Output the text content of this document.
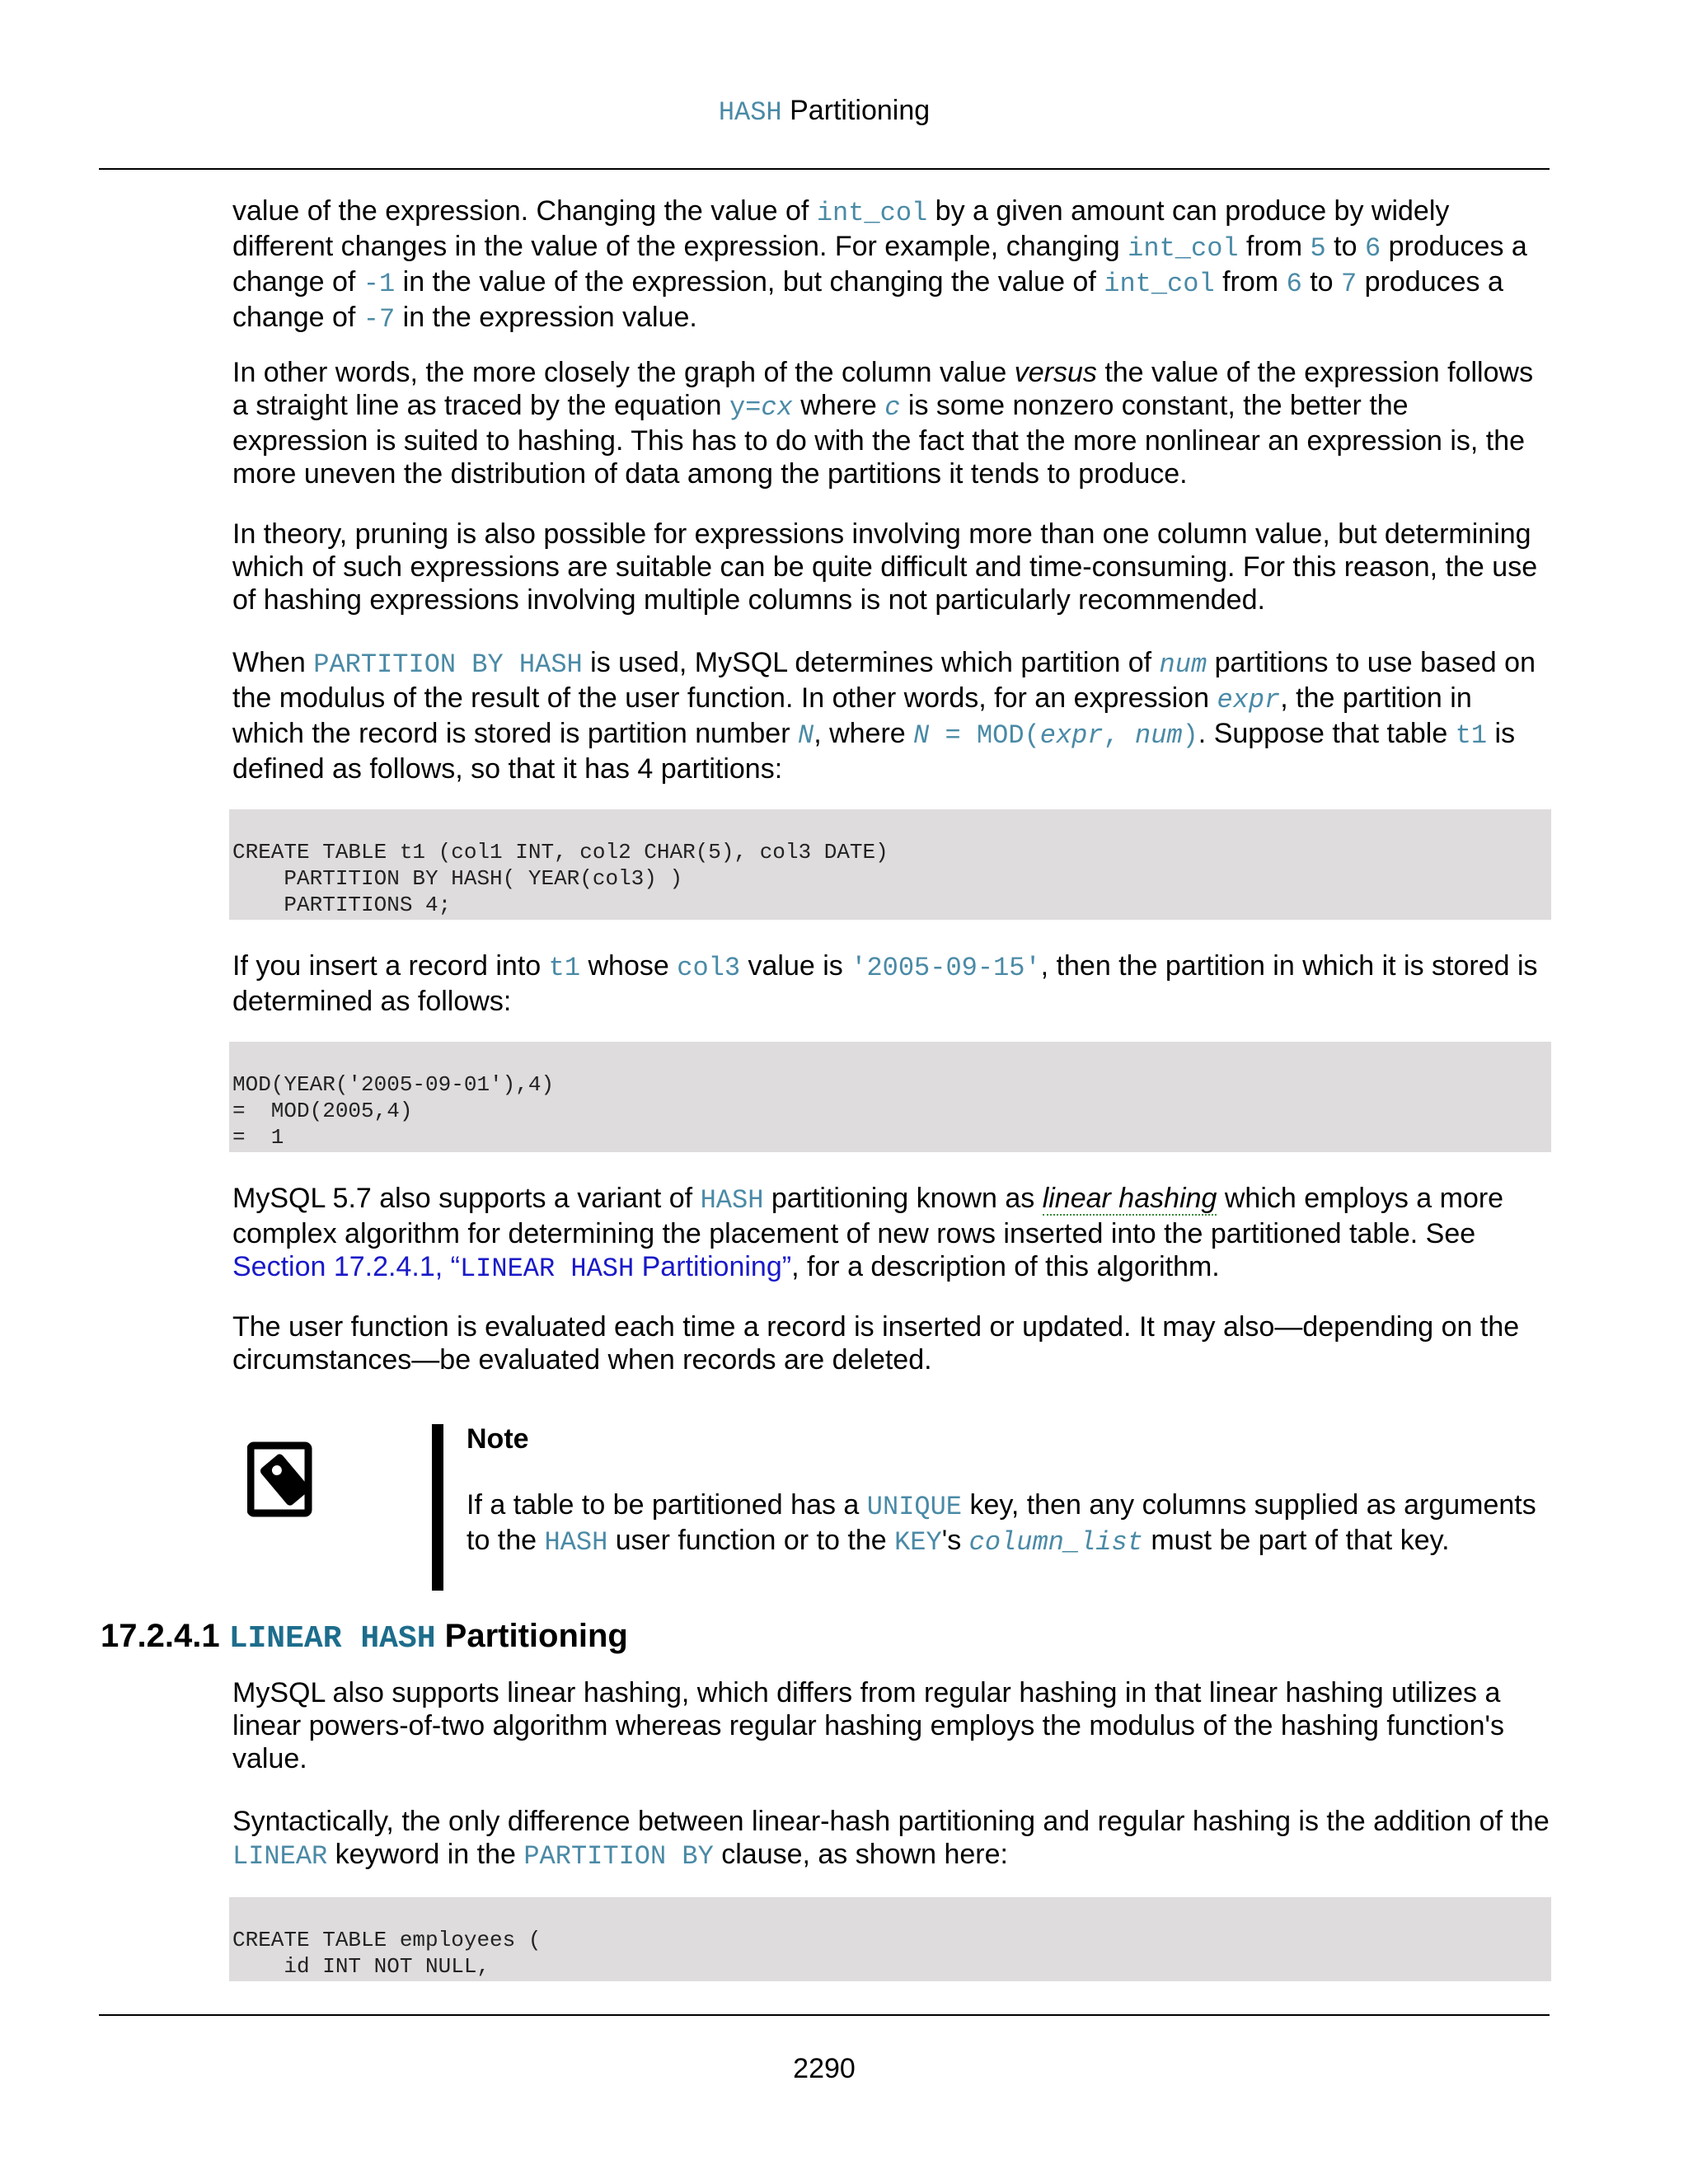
HASH Partitioning
value of the expression. Changing the value of int_col by a given amount can produce by widely different changes in the value of the expression. For example, changing int_col from 5 to 6 produces a change of -1 in the value of the expression, but changing the value of int_col from 6 to 7 produces a change of -7 in the expression value.
In other words, the more closely the graph of the column value versus the value of the expression follows a straight line as traced by the equation y=cx where c is some nonzero constant, the better the expression is suited to hashing. This has to do with the fact that the more nonlinear an expression is, the more uneven the distribution of data among the partitions it tends to produce.
In theory, pruning is also possible for expressions involving more than one column value, but determining which of such expressions are suitable can be quite difficult and time-consuming. For this reason, the use of hashing expressions involving multiple columns is not particularly recommended.
When PARTITION BY HASH is used, MySQL determines which partition of num partitions to use based on the modulus of the result of the user function. In other words, for an expression expr, the partition in which the record is stored is partition number N, where N = MOD(expr, num). Suppose that table t1 is defined as follows, so that it has 4 partitions:
CREATE TABLE t1 (col1 INT, col2 CHAR(5), col3 DATE)
PARTITION BY HASH( YEAR(col3) )
PARTITIONS 4;
If you insert a record into t1 whose col3 value is '2005-09-15', then the partition in which it is stored is determined as follows:
MOD(YEAR('2005-09-01'),4)
=  MOD(2005,4)
=  1
MySQL 5.7 also supports a variant of HASH partitioning known as linear hashing which employs a more complex algorithm for determining the placement of new rows inserted into the partitioned table. See Section 17.2.4.1, “LINEAR HASH Partitioning”, for a description of this algorithm.
The user function is evaluated each time a record is inserted or updated. It may also—depending on the circumstances—be evaluated when records are deleted.
Note
If a table to be partitioned has a UNIQUE key, then any columns supplied as arguments to the HASH user function or to the KEY's column_list must be part of that key.
17.2.4.1 LINEAR HASH Partitioning
MySQL also supports linear hashing, which differs from regular hashing in that linear hashing utilizes a linear powers-of-two algorithm whereas regular hashing employs the modulus of the hashing function's value.
Syntactically, the only difference between linear-hash partitioning and regular hashing is the addition of the LINEAR keyword in the PARTITION BY clause, as shown here:
CREATE TABLE employees (
id INT NOT NULL,
2290
